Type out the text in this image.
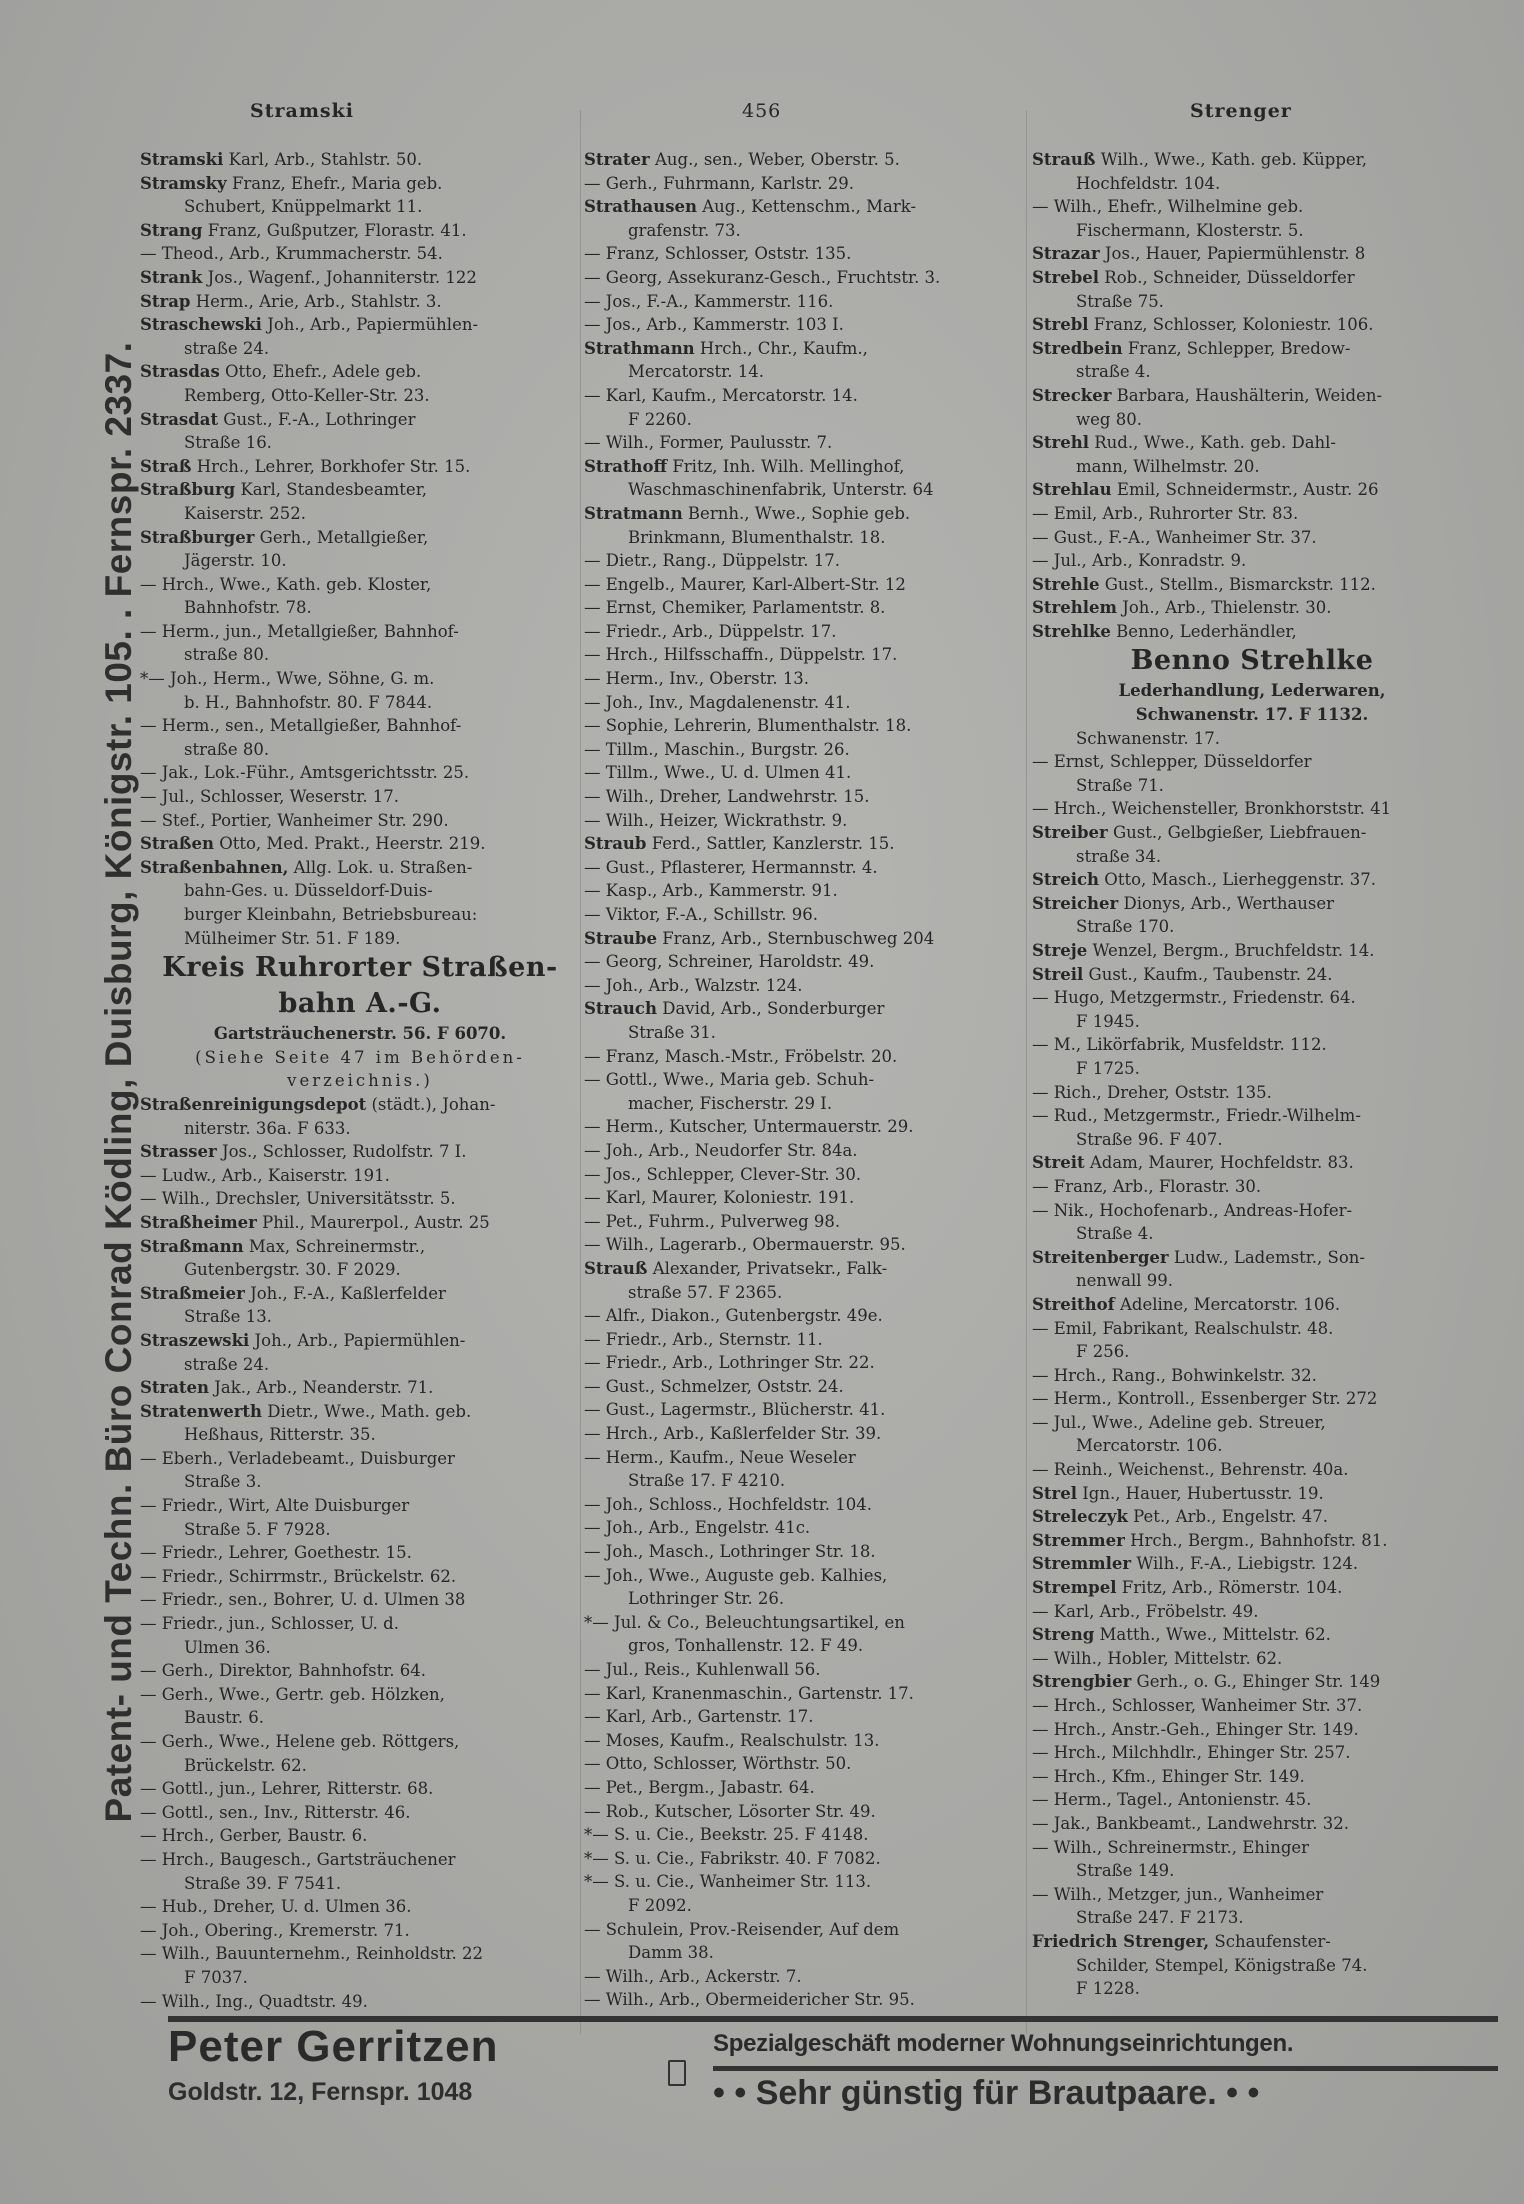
Stramski	456	Strenger
Patent- und Techn. Büro Conrad Ködling, Duisburg, Königstr. 105. . Fernspr. 2337.
Stramski Karl, Arb., Stahlstr. 50.
Stramsky Franz, Ehefr., Maria geb.
Schubert, Knüppelmarkt 11.
Strang Franz, Gußputzer, Florastr. 41.
— Theod., Arb., Krummacherstr. 54.
Strank Jos., Wagenf., Johanniterstr. 122
Strap Herm., Arie, Arb., Stahlstr. 3.
Straschewski Joh., Arb., Papiermühlen-
straße 24.
Strasdas Otto, Ehefr., Adele geb.
Remberg, Otto-Keller-Str. 23.
Strasdat Gust., F.-A., Lothringer
Straße 16.
Straß Hrch., Lehrer, Borkhofer Str. 15.
Straßburg Karl, Standesbeamter,
Kaiserstr. 252.
Straßburger Gerh., Metallgießer,
Jägerstr. 10.
— Hrch., Wwe., Kath. geb. Kloster,
Bahnhofstr. 78.
— Herm., jun., Metallgießer, Bahnhof-
straße 80.
*— Joh., Herm., Wwe, Söhne, G. m.
b. H., Bahnhofstr. 80. F 7844.
— Herm., sen., Metallgießer, Bahnhof-
straße 80.
— Jak., Lok.-Führ., Amtsgerichtsstr. 25.
— Jul., Schlosser, Weserstr. 17.
— Stef., Portier, Wanheimer Str. 290.
Straßen Otto, Med. Prakt., Heerstr. 219.
Straßenbahnen, Allg. Lok. u. Straßen-
bahn-Ges. u. Düsseldorf-Duis-
burger Kleinbahn, Betriebsbureau:
Mülheimer Str. 51. F 189.
Kreis Ruhrorter Straßen-
bahn A.-G.
Gartsträuchenerstr. 56. F 6070.
(Siehe Seite 47 im Behörden-
verzeichnis.)
Straßenreinigungsdepot (städt.), Johan-
niterstr. 36a. F 633.
Strasser Jos., Schlosser, Rudolfstr. 7 I.
— Ludw., Arb., Kaiserstr. 191.
— Wilh., Drechsler, Universitätsstr. 5.
Straßheimer Phil., Maurerpol., Austr. 25
Straßmann Max, Schreinermstr.,
Gutenbergstr. 30. F 2029.
Straßmeier Joh., F.-A., Kaßlerfelder
Straße 13.
Straszewski Joh., Arb., Papiermühlen-
straße 24.
Straten Jak., Arb., Neanderstr. 71.
Stratenwerth Dietr., Wwe., Math. geb.
Heßhaus, Ritterstr. 35.
— Eberh., Verladebeamt., Duisburger
Straße 3.
— Friedr., Wirt, Alte Duisburger
Straße 5. F 7928.
— Friedr., Lehrer, Goethestr. 15.
— Friedr., Schirrmstr., Brückelstr. 62.
— Friedr., sen., Bohrer, U. d. Ulmen 38
— Friedr., jun., Schlosser, U. d.
Ulmen 36.
— Gerh., Direktor, Bahnhofstr. 64.
— Gerh., Wwe., Gertr. geb. Hölzken,
Baustr. 6.
— Gerh., Wwe., Helene geb. Röttgers,
Brückelstr. 62.
— Gottl., jun., Lehrer, Ritterstr. 68.
— Gottl., sen., Inv., Ritterstr. 46.
— Hrch., Gerber, Baustr. 6.
— Hrch., Baugesch., Gartsträuchener
Straße 39. F 7541.
— Hub., Dreher, U. d. Ulmen 36.
— Joh., Obering., Kremerstr. 71.
— Wilh., Bauunternehm., Reinholdstr. 22
F 7037.
— Wilh., Ing., Quadtstr. 49.
Strater Aug., sen., Weber, Oberstr. 5.
— Gerh., Fuhrmann, Karlstr. 29.
Strathausen Aug., Kettenschm., Mark-
grafenstr. 73.
— Franz, Schlosser, Oststr. 135.
— Georg, Assekuranz-Gesch., Fruchtstr. 3.
— Jos., F.-A., Kammerstr. 116.
— Jos., Arb., Kammerstr. 103 I.
Strathmann Hrch., Chr., Kaufm.,
Mercatorstr. 14.
— Karl, Kaufm., Mercatorstr. 14.
F 2260.
— Wilh., Former, Paulusstr. 7.
Strathoff Fritz, Inh. Wilh. Mellinghof,
Waschmaschinenfabrik, Unterstr. 64
Stratmann Bernh., Wwe., Sophie geb.
Brinkmann, Blumenthalstr. 18.
— Dietr., Rang., Düppelstr. 17.
— Engelb., Maurer, Karl-Albert-Str. 12
— Ernst, Chemiker, Parlamentstr. 8.
— Friedr., Arb., Düppelstr. 17.
— Hrch., Hilfsschaffn., Düppelstr. 17.
— Herm., Inv., Oberstr. 13.
— Joh., Inv., Magdalenenstr. 41.
— Sophie, Lehrerin, Blumenthalstr. 18.
— Tillm., Maschin., Burgstr. 26.
— Tillm., Wwe., U. d. Ulmen 41.
— Wilh., Dreher, Landwehrstr. 15.
— Wilh., Heizer, Wickrathstr. 9.
Straub Ferd., Sattler, Kanzlerstr. 15.
— Gust., Pflasterer, Hermannstr. 4.
— Kasp., Arb., Kammerstr. 91.
— Viktor, F.-A., Schillstr. 96.
Straube Franz, Arb., Sternbuschweg 204
— Georg, Schreiner, Haroldstr. 49.
— Joh., Arb., Walzstr. 124.
Strauch David, Arb., Sonderburger
Straße 31.
— Franz, Masch.-Mstr., Fröbelstr. 20.
— Gottl., Wwe., Maria geb. Schuh-
macher, Fischerstr. 29 I.
— Herm., Kutscher, Untermauerstr. 29.
— Joh., Arb., Neudorfer Str. 84a.
— Jos., Schlepper, Clever-Str. 30.
— Karl, Maurer, Koloniestr. 191.
— Pet., Fuhrm., Pulverweg 98.
— Wilh., Lagerarb., Obermauerstr. 95.
Strauß Alexander, Privatsekr., Falk-
straße 57. F 2365.
— Alfr., Diakon., Gutenbergstr. 49e.
— Friedr., Arb., Sternstr. 11.
— Friedr., Arb., Lothringer Str. 22.
— Gust., Schmelzer, Oststr. 24.
— Gust., Lagermstr., Blücherstr. 41.
— Hrch., Arb., Kaßlerfelder Str. 39.
— Herm., Kaufm., Neue Weseler
Straße 17. F 4210.
— Joh., Schloss., Hochfeldstr. 104.
— Joh., Arb., Engelstr. 41c.
— Joh., Masch., Lothringer Str. 18.
— Joh., Wwe., Auguste geb. Kalhies,
Lothringer Str. 26.
*— Jul. & Co., Beleuchtungsartikel, en
gros, Tonhallenstr. 12. F 49.
— Jul., Reis., Kuhlenwall 56.
— Karl, Kranenmaschin., Gartenstr. 17.
— Karl, Arb., Gartenstr. 17.
— Moses, Kaufm., Realschulstr. 13.
— Otto, Schlosser, Wörthstr. 50.
— Pet., Bergm., Jabastr. 64.
— Rob., Kutscher, Lösorter Str. 49.
*— S. u. Cie., Beekstr. 25. F 4148.
*— S. u. Cie., Fabrikstr. 40. F 7082.
*— S. u. Cie., Wanheimer Str. 113.
F 2092.
— Schulein, Prov.-Reisender, Auf dem
Damm 38.
— Wilh., Arb., Ackerstr. 7.
— Wilh., Arb., Obermeidericher Str. 95.
Strauß Wilh., Wwe., Kath. geb. Küpper,
Hochfeldstr. 104.
— Wilh., Ehefr., Wilhelmine geb.
Fischermann, Klosterstr. 5.
Strazar Jos., Hauer, Papiermühlenstr. 8
Strebel Rob., Schneider, Düsseldorfer
Straße 75.
Strebl Franz, Schlosser, Koloniestr. 106.
Stredbein Franz, Schlepper, Bredow-
straße 4.
Strecker Barbara, Haushälterin, Weiden-
weg 80.
Strehl Rud., Wwe., Kath. geb. Dahl-
mann, Wilhelmstr. 20.
Strehlau Emil, Schneidermstr., Austr. 26
— Emil, Arb., Ruhrorter Str. 83.
— Gust., F.-A., Wanheimer Str. 37.
— Jul., Arb., Konradstr. 9.
Strehle Gust., Stellm., Bismarckstr. 112.
Strehlem Joh., Arb., Thielenstr. 30.
Strehlke Benno, Lederhändler,
Benno Strehlke
Lederhandlung, Lederwaren,
Schwanenstr. 17. F 1132.
Schwanenstr. 17.
— Ernst, Schlepper, Düsseldorfer
Straße 71.
— Hrch., Weichensteller, Bronkhorststr. 41
Streiber Gust., Gelbgießer, Liebfrauen-
straße 34.
Streich Otto, Masch., Lierheggenstr. 37.
Streicher Dionys, Arb., Werthauser
Straße 170.
Streje Wenzel, Bergm., Bruchfeldstr. 14.
Streil Gust., Kaufm., Taubenstr. 24.
— Hugo, Metzgermstr., Friedenstr. 64.
F 1945.
— M., Likörfabrik, Musfeldstr. 112.
F 1725.
— Rich., Dreher, Oststr. 135.
— Rud., Metzgermstr., Friedr.-Wilhelm-
Straße 96. F 407.
Streit Adam, Maurer, Hochfeldstr. 83.
— Franz, Arb., Florastr. 30.
— Nik., Hochofenarb., Andreas-Hofer-
Straße 4.
Streitenberger Ludw., Lademstr., Son-
nenwall 99.
Streithof Adeline, Mercatorstr. 106.
— Emil, Fabrikant, Realschulstr. 48.
F 256.
— Hrch., Rang., Bohwinkelstr. 32.
— Herm., Kontroll., Essenberger Str. 272
— Jul., Wwe., Adeline geb. Streuer,
Mercatorstr. 106.
— Reinh., Weichenst., Behrenstr. 40a.
Strel Ign., Hauer, Hubertusstr. 19.
Streleczyk Pet., Arb., Engelstr. 47.
Stremmer Hrch., Bergm., Bahnhofstr. 81.
Stremmler Wilh., F.-A., Liebigstr. 124.
Strempel Fritz, Arb., Römerstr. 104.
— Karl, Arb., Fröbelstr. 49.
Streng Matth., Wwe., Mittelstr. 62.
— Wilh., Hobler, Mittelstr. 62.
Strengbier Gerh., o. G., Ehinger Str. 149
— Hrch., Schlosser, Wanheimer Str. 37.
— Hrch., Anstr.-Geh., Ehinger Str. 149.
— Hrch., Milchhdlr., Ehinger Str. 257.
— Hrch., Kfm., Ehinger Str. 149.
— Herm., Tagel., Antonienstr. 45.
— Jak., Bankbeamt., Landwehrstr. 32.
— Wilh., Schreinermstr., Ehinger
Straße 149.
— Wilh., Metzger, jun., Wanheimer
Straße 247. F 2173.
Friedrich Strenger, Schaufenster-
Schilder, Stempel, Königstraße 74.
F 1228.
Peter Gerritzen
Goldstr. 12, Fernspr. 1048
Spezialgeschäft moderner Wohnungseinrichtungen.
• • Sehr günstig für Brautpaare. • •
